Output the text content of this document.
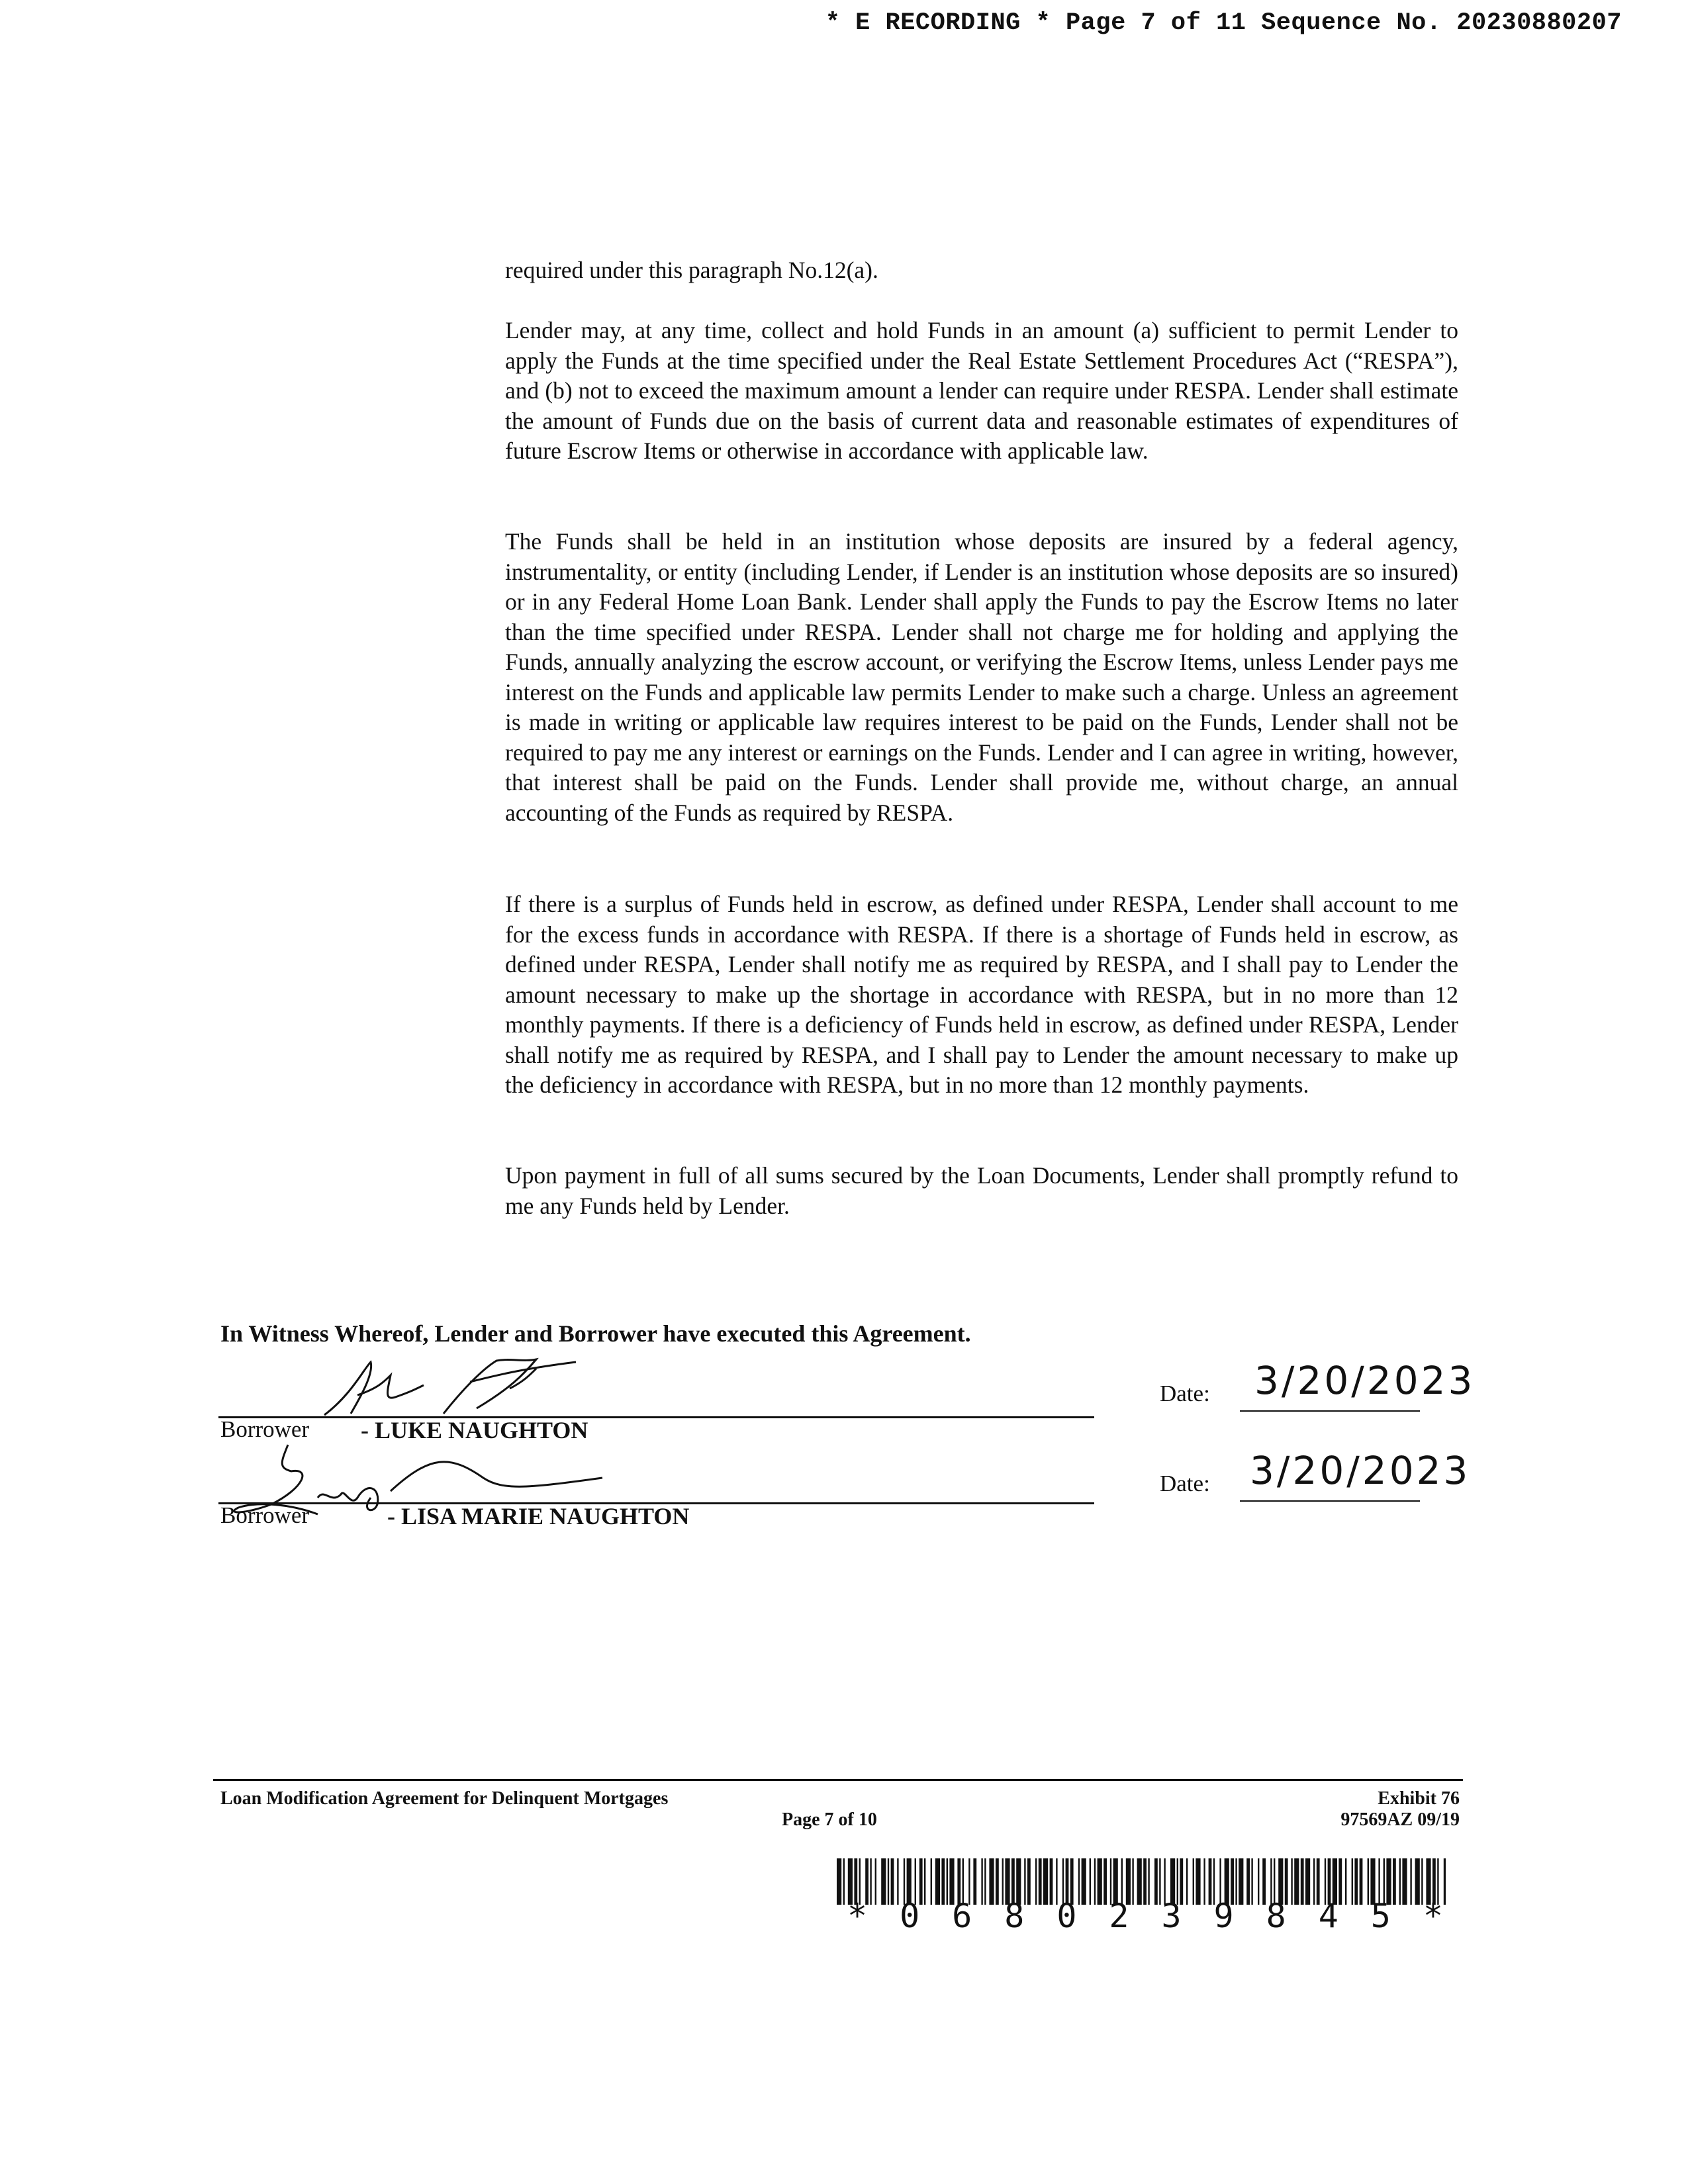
* E RECORDING * Page 7 of 11 Sequence No. 20230880207
required under this paragraph No.12(a).
Lender may, at any time, collect and hold Funds in an amount (a) sufficient to permit Lender to apply the Funds at the time specified under the Real Estate Settlement Procedures Act (“RESPA”), and (b) not to exceed the maximum amount a lender can require under RESPA. Lender shall estimate the amount of Funds due on the basis of current data and reasonable estimates of expenditures of future Escrow Items or otherwise in accordance with applicable law.
The Funds shall be held in an institution whose deposits are insured by a federal agency, instrumentality, or entity (including Lender, if Lender is an institution whose deposits are so insured) or in any Federal Home Loan Bank. Lender shall apply the Funds to pay the Escrow Items no later than the time specified under RESPA. Lender shall not charge me for holding and applying the Funds, annually analyzing the escrow account, or verifying the Escrow Items, unless Lender pays me interest on the Funds and applicable law permits Lender to make such a charge. Unless an agreement is made in writing or applicable law requires interest to be paid on the Funds, Lender shall not be required to pay me any interest or earnings on the Funds. Lender and I can agree in writing, however, that interest shall be paid on the Funds. Lender shall provide me, without charge, an annual accounting of the Funds as required by RESPA.
If there is a surplus of Funds held in escrow, as defined under RESPA, Lender shall account to me for the excess funds in accordance with RESPA. If there is a shortage of Funds held in escrow, as defined under RESPA, Lender shall notify me as required by RESPA, and I shall pay to Lender the amount necessary to make up the shortage in accordance with RESPA, but in no more than 12 monthly payments. If there is a deficiency of Funds held in escrow, as defined under RESPA, Lender shall notify me as required by RESPA, and I shall pay to Lender the amount necessary to make up the deficiency in accordance with RESPA, but in no more than 12 monthly payments.
Upon payment in full of all sums secured by the Loan Documents, Lender shall promptly refund to me any Funds held by Lender.
In Witness Whereof, Lender and Borrower have executed this Agreement.
Borrower - LUKE NAUGHTON
Date: 3/20/2023
Borrower	- LISA MARIE NAUGHTON
Date: 3/20/2023
Loan Modification Agreement for Delinquent Mortgages
Page 7 of 10
Exhibit 76
97569AZ 09/19
* 0 6 8 0 2 3 9 8 4 5 *
